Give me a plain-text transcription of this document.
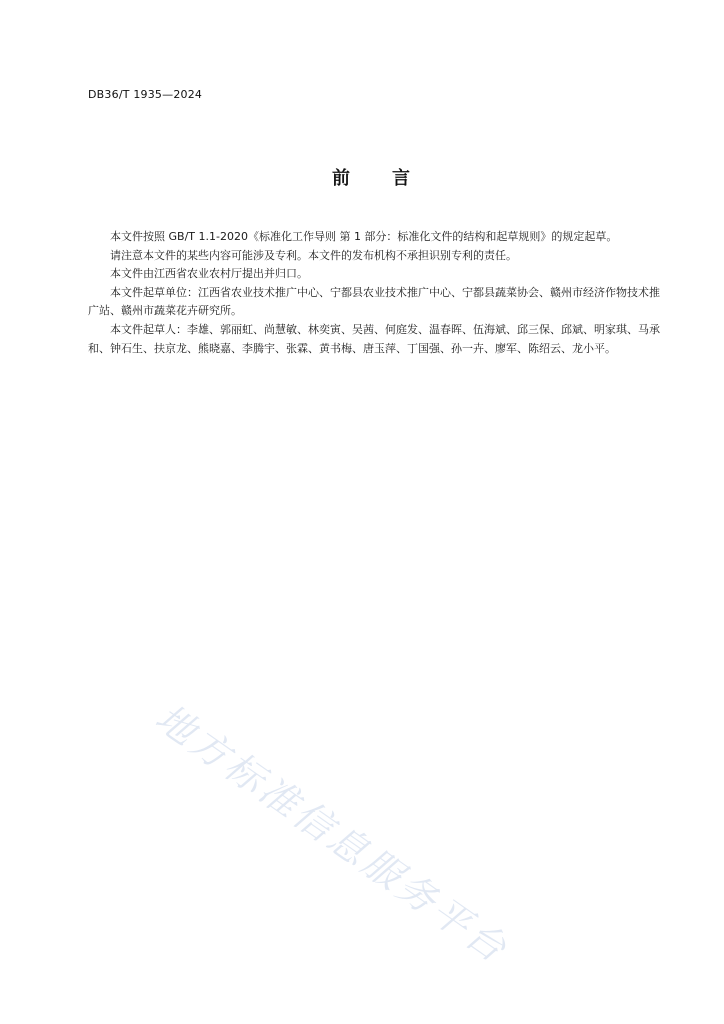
DB36/T 1935—2024
前 言

本文件按照 GB/T 1.1-2020《标准化工作导则 第 1 部分：标准化文件的结构和起草规则》的规定起草。

请注意本文件的某些内容可能涉及专利。本文件的发布机构不承担识别专利的责任。

本文件由江西省农业农村厅提出并归口。

本文件起草单位：江西省农业技术推广中心、宁都县农业技术推广中心、宁都县蔬菜协会、赣州市经济作物技术推广站、赣州市蔬菜花卉研究所。

本文件起草人：李雄、郭丽虹、尚慧敏、林奕寅、吴茜、何庭发、温春晖、伍海斌、邱三保、邱斌、明家琪、马承和、钟石生、扶京龙、熊晓嘉、李腾宇、张霖、黄书梅、唐玉萍、丁国强、孙一卉、廖军、陈绍云、龙小平。

地方标准信息服务平台
